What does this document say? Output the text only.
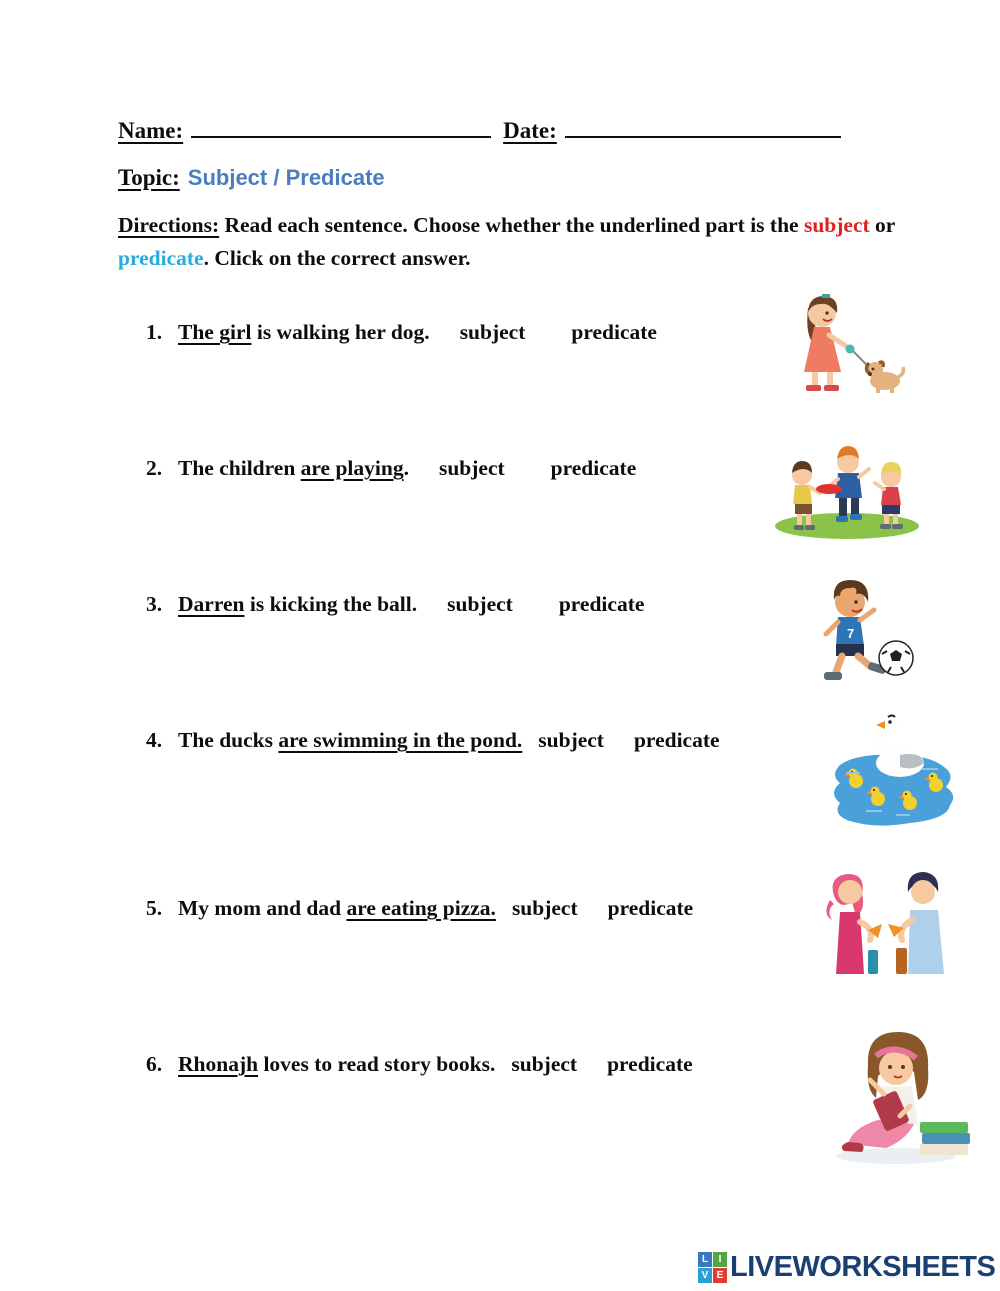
Name:	Date:
Topic: Subject / Predicate
Directions: Read each sentence. Choose whether the underlined part is the subject or predicate. Click on the correct answer.
1. The girl is walking her dog. subject predicate
2. The children are playing. subject predicate
3. Darren is kicking the ball. subject predicate
7
4. The ducks are swimming in the pond. subject predicate
5. My mom and dad are eating pizza. subject predicate
6. Rhonajh loves to read story books. subject predicate
L	I
V E LIVEWORKSHEETS
